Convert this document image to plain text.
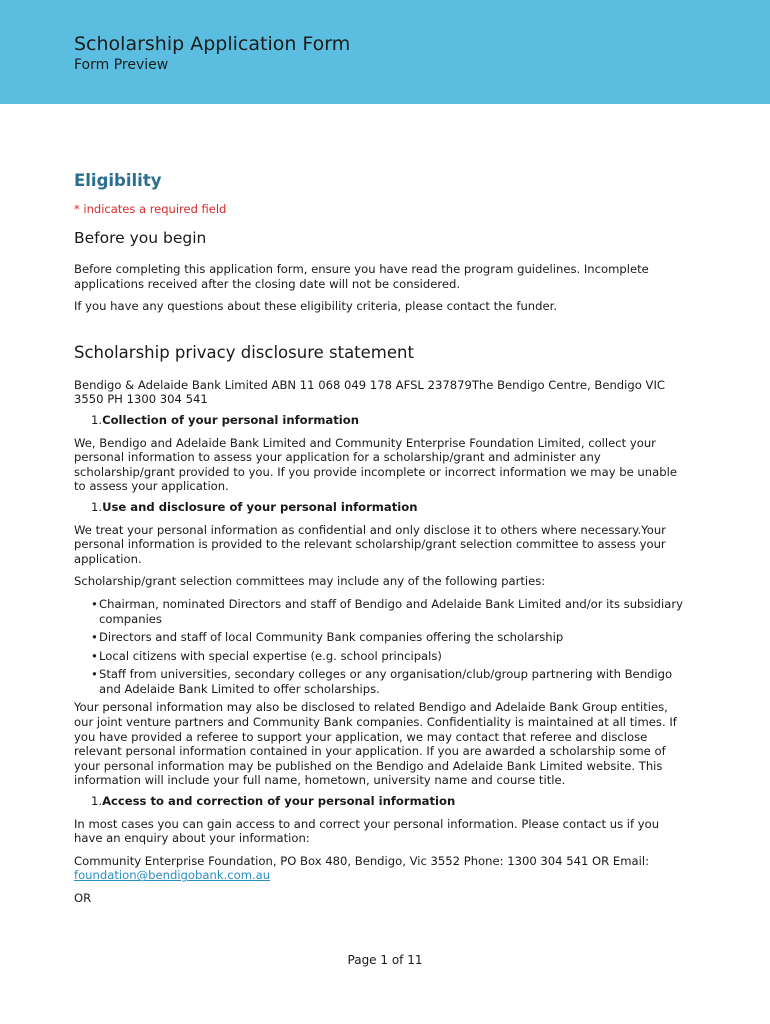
Scholarship Application Form
Form Preview
Eligibility
* indicates a required field
Before you begin

Before completing this application form, ensure you have read the program guidelines. Incomplete applications received after the closing date will not be considered.

If you have any questions about these eligibility criteria, please contact the funder.

Scholarship privacy disclosure statement

Bendigo & Adelaide Bank Limited ABN 11 068 049 178 AFSL 237879The Bendigo Centre, Bendigo VIC 3550 PH 1300 304 541

1.Collection of your personal information

We, Bendigo and Adelaide Bank Limited and Community Enterprise Foundation Limited, collect your personal information to assess your application for a scholarship/grant and administer any scholarship/grant provided to you. If you provide incomplete or incorrect information we may be unable to assess your application.

1.Use and disclosure of your personal information

We treat your personal information as confidential and only disclose it to others where necessary.Your personal information is provided to the relevant scholarship/grant selection committee to assess your application.

Scholarship/grant selection committees may include any of the following parties:

• Chairman, nominated Directors and staff of Bendigo and Adelaide Bank Limited and/or its subsidiary companies
• Directors and staff of local Community Bank companies offering the scholarship
• Local citizens with special expertise (e.g. school principals)
• Staff from universities, secondary colleges or any organisation/club/group partnering with Bendigo and Adelaide Bank Limited to offer scholarships.

Your personal information may also be disclosed to related Bendigo and Adelaide Bank Group entities, our joint venture partners and Community Bank companies. Confidentiality is maintained at all times. If you have provided a referee to support your application, we may contact that referee and disclose relevant personal information contained in your application. If you are awarded a scholarship some of your personal information may be published on the Bendigo and Adelaide Bank Limited website. This information will include your full name, hometown, university name and course title.

1.Access to and correction of your personal information

In most cases you can gain access to and correct your personal information. Please contact us if you have an enquiry about your information:

Community Enterprise Foundation, PO Box 480, Bendigo, Vic 3552 Phone: 1300 304 541 OR Email: foundation@bendigobank.com.au

OR

Page 1 of 11
